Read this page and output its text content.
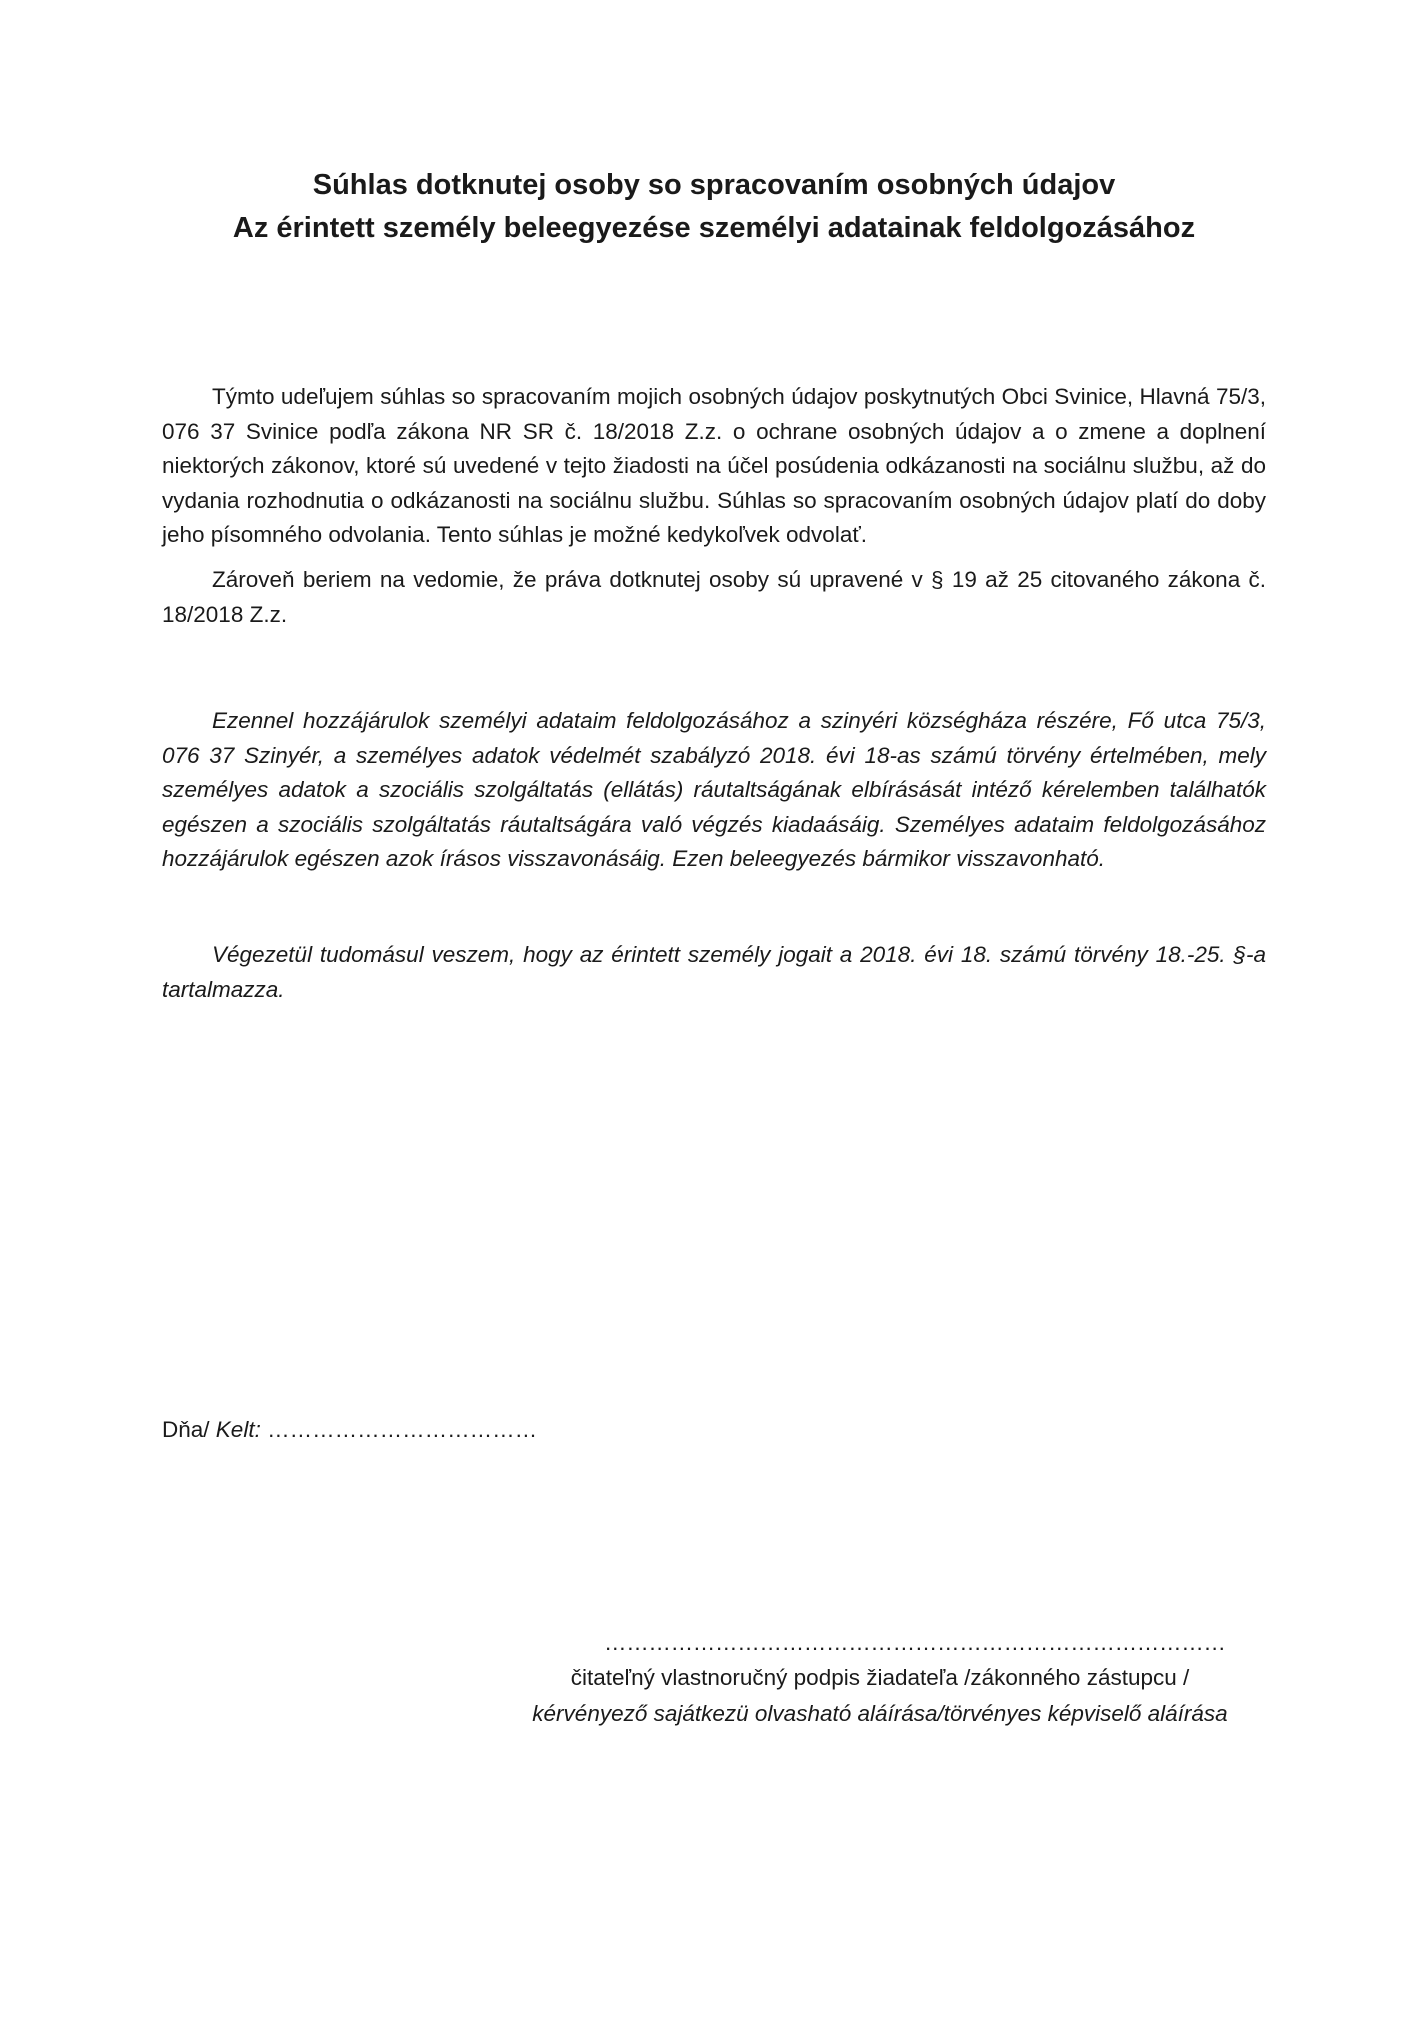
Súhlas dotknutej osoby so spracovaním osobných údajov
Az érintett személy beleegyezése személyi adatainak feldolgozásához

Týmto udeľujem súhlas so spracovaním mojich osobných údajov poskytnutých Obci Svinice, Hlavná 75/3, 076 37 Svinice podľa zákona NR SR č. 18/2018 Z.z. o ochrane osobných údajov a o zmene a doplnení niektorých zákonov, ktoré sú uvedené v tejto žiadosti na účel posúdenia odkázanosti na sociálnu službu, až do vydania rozhodnutia o odkázanosti na sociálnu službu. Súhlas so spracovaním osobných údajov platí do doby jeho písomného odvolania. Tento súhlas je možné kedykoľvek odvolať.

Zároveň beriem na vedomie, že práva dotknutej osoby sú upravené v § 19 až 25 citovaného zákona č. 18/2018 Z.z.

Ezennel hozzájárulok személyi adataim feldolgozásához a szinyéri községháza részére, Fő utca 75/3, 076 37 Szinyér, a személyes adatok védelmét szabályzó 2018. évi 18-as számú törvény értelmében, mely személyes adatok a szociális szolgáltatás (ellátás) ráutaltságának elbírásását intéző kérelemben találhatók egészen a szociális szolgáltatás ráutaltságára való végzés kiadaásáig. Személyes adataim feldolgozásához hozzájárulok egészen azok írásos visszavonásáig. Ezen beleegyezés bármikor visszavonható.

Végezetül tudomásul veszem, hogy az érintett személy jogait a 2018. évi 18. számú törvény 18.-25. §-a tartalmazza.

Dňa/ Kelt: ………………………………
…………………………………………………………………………
čitateľný vlastnoručný podpis žiadateľa /zákonného zástupcu /
kérvényező sajátkezü olvasható aláírása/törvényes képviselő aláírása
